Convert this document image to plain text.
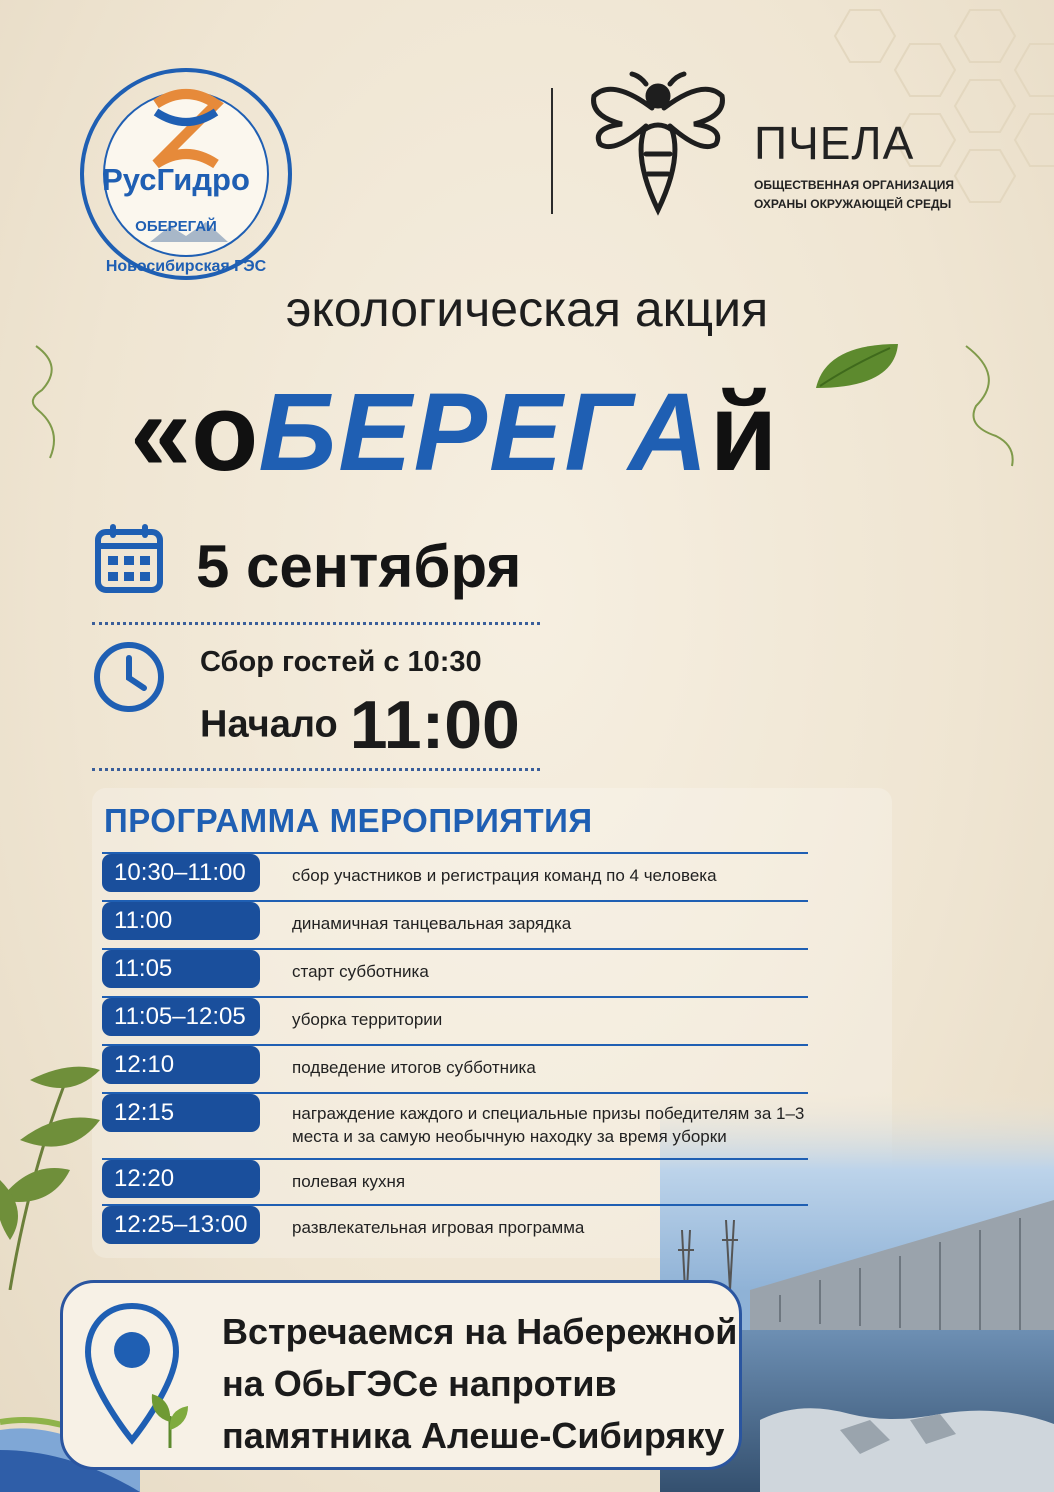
РусГидро
ОБЕРЕГАЙ
Новосибирская ГЭС
ПЧЕЛА
ОБЩЕСТВЕННАЯ ОРГАНИЗАЦИЯ
ОХРАНЫ ОКРУЖАЮЩЕЙ СРЕДЫ
экологическая акция
«оБЕРЕГАй
5 сентября
Сбор гостей с 10:30
Начало 11:00
ПРОГРАММА МЕРОПРИЯТИЯ
10:30–11:00	сбор участников и регистрация команд по 4 человека
11:00	динамичная танцевальная зарядка
11:05	старт субботника
11:05–12:05	уборка территории
12:10	подведение итогов субботника
12:15	награждение каждого и специальные призы победителям за 1–3 места и за самую необычную находку за время уборки
12:20	полевая кухня
12:25–13:00	развлекательная игровая программа
Встречаемся на Набережной
на ОбьГЭСе напротив
памятника Алеше-Сибиряку
